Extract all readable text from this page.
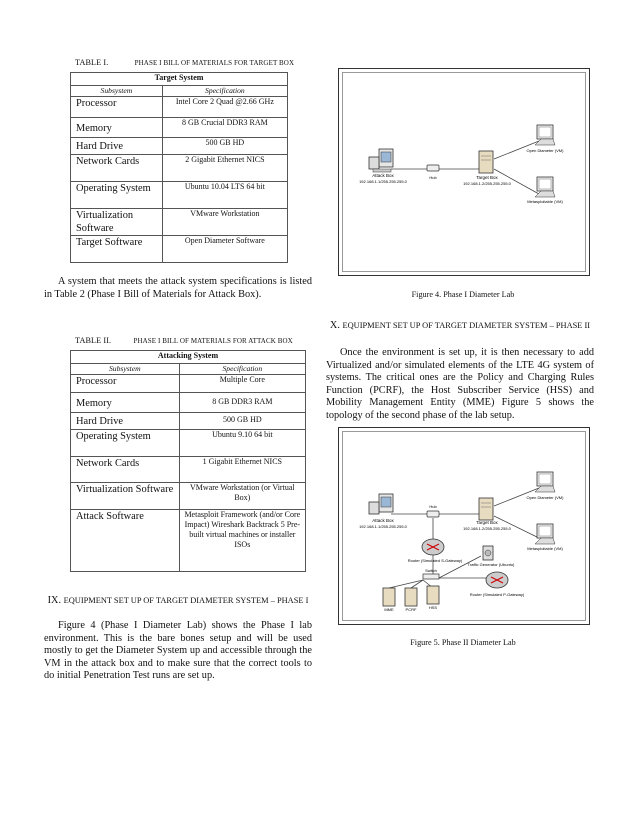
TABLE I.	PHASE I BILL OF MATERIALS FOR TARGET BOX
Target System	
Subsystem	Specification
Processor	Intel Core 2 Quad @2.66 GHz
Memory	8 GB Crucial DDR3 RAM
Hard Drive	500 GB HD
Network Cards	2 Gigabit Ethernet NICS
Operating System	Ubuntu 10.04 LTS 64 bit
Virtualization Software	VMware Workstation
Target Software	Open Diameter Software
A system that meets the attack system specifications is listed in Table 2 (Phase I Bill of Materials for Attack Box).
TABLE II.	PHASE I BILL OF MATERIALS FOR ATTACK BOX
Attacking System	
Subsystem	Specification
Processor	Multiple Core
Memory	8 GB DDR3 RAM
Hard Drive	500 GB HD
Operating System	Ubuntu 9.10 64 bit
Network Cards	1 Gigabit Ethernet NICS
Virtualization Software	VMware Workstation (or Virtual Box)
Attack Software	Metasploit Framework (and/or Core Impact) Wireshark Backtrack 5 Pre-built virtual machines or installer ISOs
IX. EQUIPMENT SET UP OF TARGET DIAMETER SYSTEM – PHASE I
Figure 4 (Phase I Diameter Lab) shows the Phase I lab environment. This is the bare bones setup and will be used mostly to get the Diameter System up and accessible through the VM in the attack box and to make sure that the correct tools to do initial Penetration Test runs are set up.
Attack Box
192.168.1.1/255.255.255.0
Hub	Target Box
192.168.1.2/255.255.255.0
Open Diameter (VM)
Metasploitable (VM)
Figure 4. Phase I Diameter Lab
X. EQUIPMENT SET UP OF TARGET DIAMETER SYSTEM – PHASE II
Once the environment is set up, it is then necessary to add Virtualized and/or simulated elements of the LTE 4G system of systems. The critical ones are the Policy and Charging Rules Function (PCRF), the Host Subscriber Service (HSS) and Mobility Management Entity (MME) Figure 5 shows the topology of the second phase of the lab setup.
Attack Box
192.168.1.1/255.255.255.0
Hub
Target Box
192.168.1.2/255.255.255.0
Open Diameter (VM)
Metasploitable (VM)
Router (Simulated S-Gateway)
Traffic Generator (Ubuntu)
Switch
Router (Simulated P-Gateway)
MME	PCRF	HSS
Figure 5. Phase II Diameter Lab
